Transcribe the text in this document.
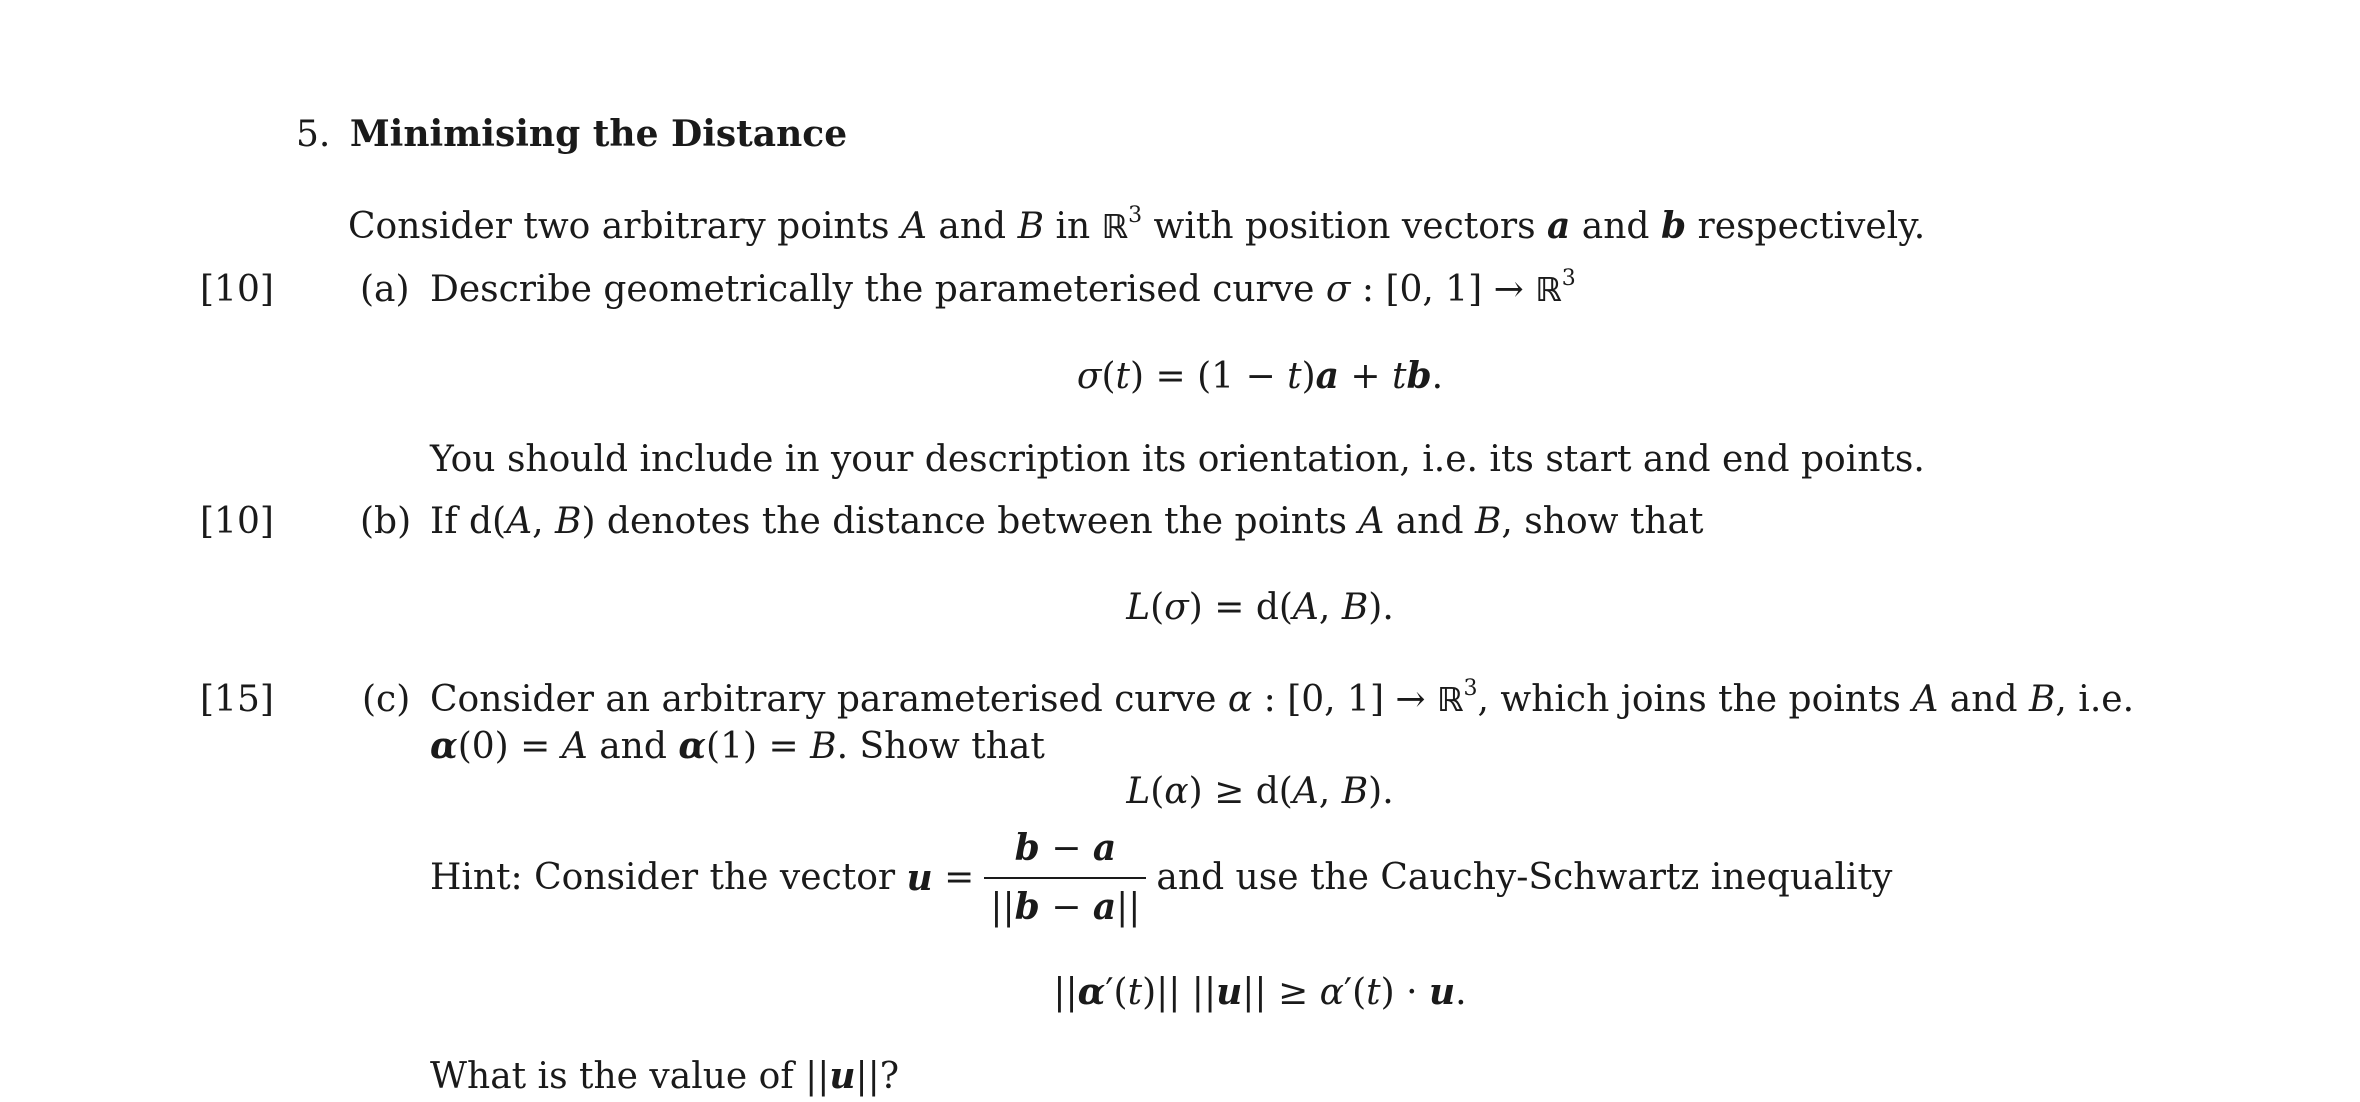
5. Minimising the Distance
Consider two arbitrary points A and B in ℝ$^3$ with position vectors a and b respectively.
[10] (a) Describe geometrically the parameterised curve σ : [0, 1] → ℝ$^3$
σ(t) = (1 − t)a + tb.
You should include in your description its orientation, i.e. its start and end points.
[10] (b) If d(A, B) denotes the distance between the points A and B, show that
L(σ) = d(A, B).
[15] (c) Consider an arbitrary parameterised curve α : [0, 1] → ℝ$^3$, which joins the points A and B, i.e.
α(0) = A and α(1) = B. Show that
L(α) ≥ d(A, B).
Hint: Consider the vector $u = \frac{b - a}{||b - a||}$ and use the Cauchy-Schwartz inequality
||α′(t)|| ||u|| ≥ α′(t) · u.
What is the value of ||u||?
